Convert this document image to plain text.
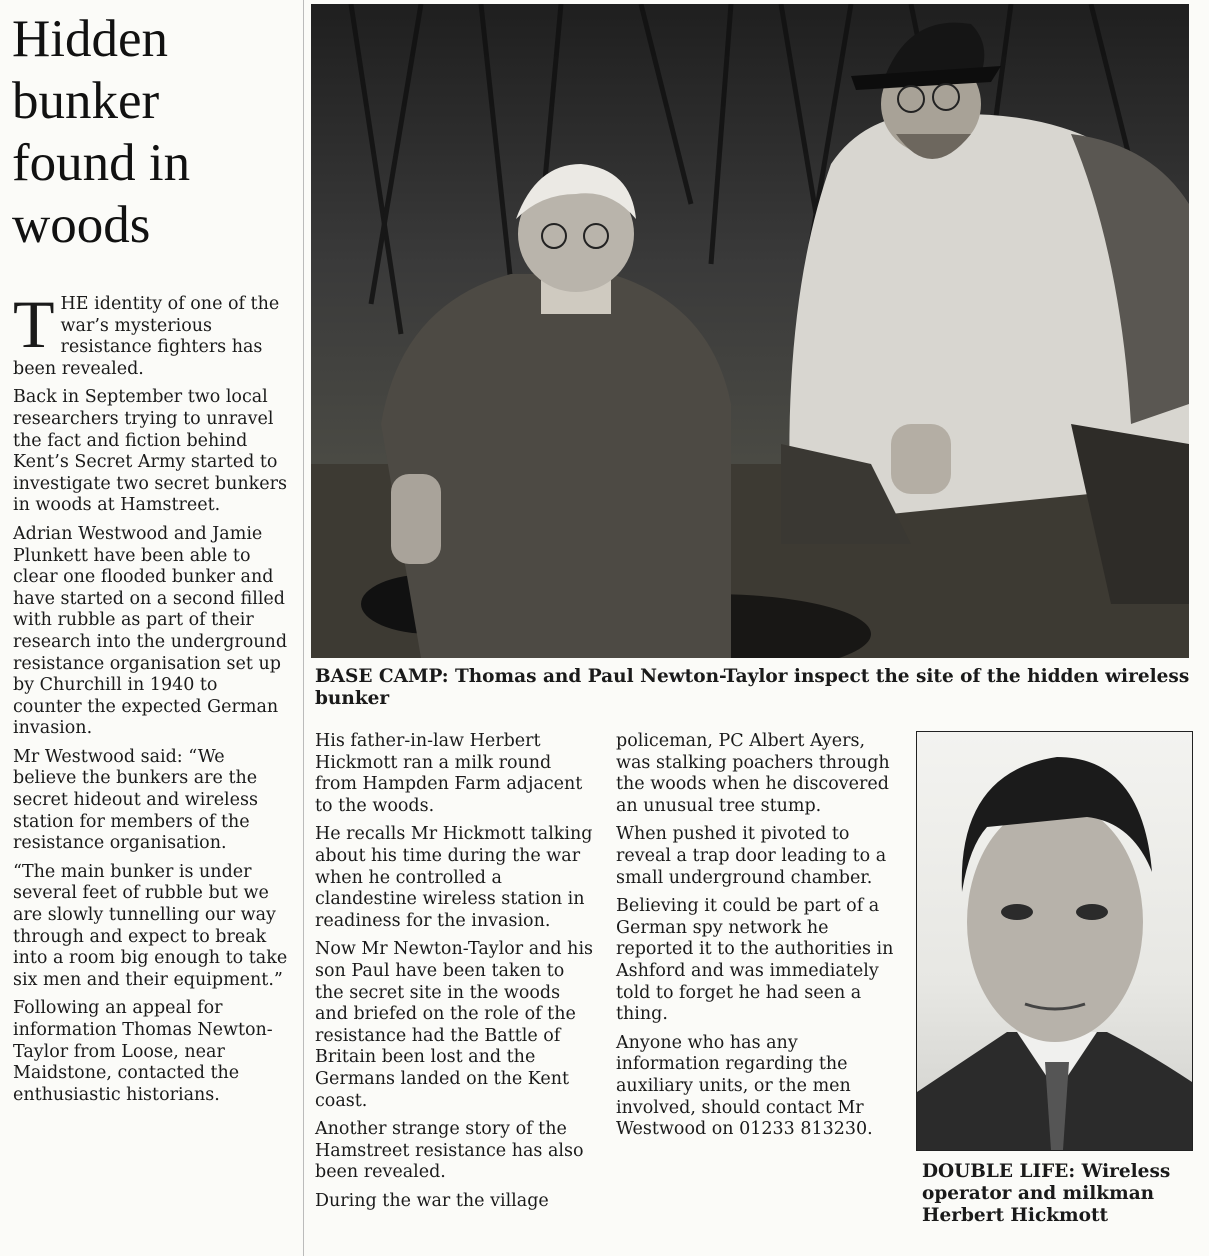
Hidden
bunker
found in
woods

THE identity of one of the war’s mysterious resistance fighters has been revealed.

Back in September two local researchers trying to unravel the fact and fiction behind Kent’s Secret Army started to investigate two secret bunkers in woods at Hamstreet.

Adrian Westwood and Jamie Plunkett have been able to clear one flooded bunker and have started on a second filled with rubble as part of their research into the underground resistance organisation set up by Churchill in 1940 to counter the expected German invasion.

Mr Westwood said: “We believe the bunkers are the secret hideout and wireless station for members of the resistance organisation.

“The main bunker is under several feet of rubble but we are slowly tunnelling our way through and expect to break into a room big enough to take six men and their equipment.”

Following an appeal for information Thomas Newton-Taylor from Loose, near Maidstone, contacted the enthusiastic historians.

BASE CAMP: Thomas and Paul Newton-Taylor inspect the site of the hidden wireless bunker

His father-in-law Herbert Hickmott ran a milk round from Hampden Farm adjacent to the woods.

He recalls Mr Hickmott talking about his time during the war when he controlled a clandestine wireless station in readiness for the invasion.

Now Mr Newton-Taylor and his son Paul have been taken to the secret site in the woods and briefed on the role of the resistance had the Battle of Britain been lost and the Germans landed on the Kent coast.

Another strange story of the Hamstreet resistance has also been revealed.

During the war the village

policeman, PC Albert Ayers, was stalking poachers through the woods when he discovered an unusual tree stump.

When pushed it pivoted to reveal a trap door leading to a small underground chamber.

Believing it could be part of a German spy network he reported it to the authorities in Ashford and was immediately told to forget he had seen a thing.

Anyone who has any information regarding the auxiliary units, or the men involved, should contact Mr Westwood on 01233 813230.

DOUBLE LIFE: Wireless operator and milkman Herbert Hickmott
